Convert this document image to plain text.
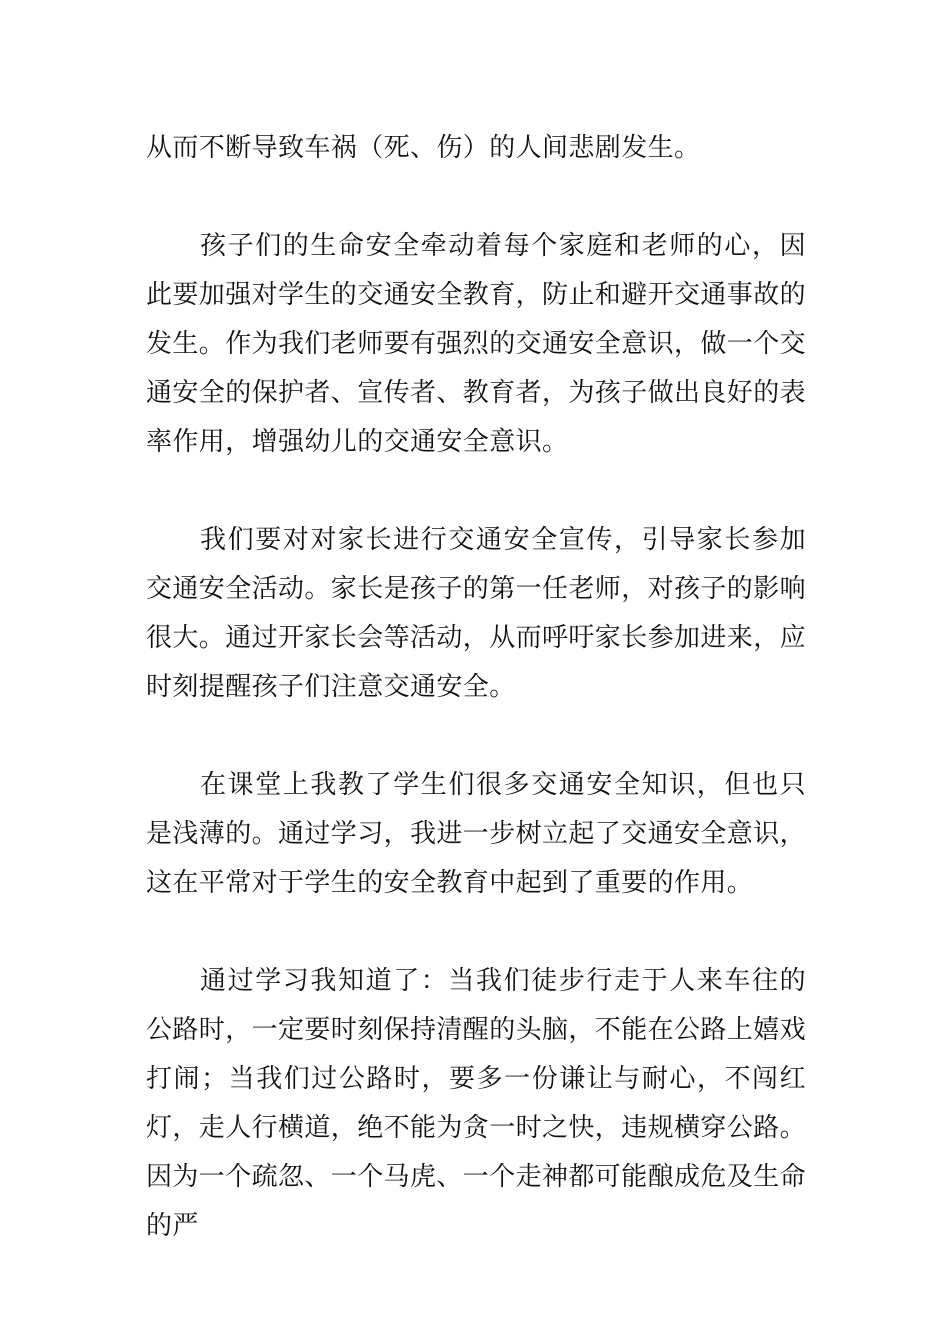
从而不断导致车祸（死、伤）的人间悲剧发生。

孩子们的生命安全牵动着每个家庭和老师的心，因此要加强对学生的交通安全教育，防止和避开交通事故的发生。作为我们老师要有强烈的交通安全意识，做一个交通安全的保护者、宣传者、教育者，为孩子做出良好的表率作用，增强幼儿的交通安全意识。

我们要对对家长进行交通安全宣传，引导家长参加交通安全活动。家长是孩子的第一任老师，对孩子的影响很大。通过开家长会等活动，从而呼吁家长参加进来，应时刻提醒孩子们注意交通安全。

在课堂上我教了学生们很多交通安全知识，但也只是浅薄的。通过学习，我进一步树立起了交通安全意识，这在平常对于学生的安全教育中起到了重要的作用。

通过学习我知道了：当我们徒步行走于人来车往的公路时，一定要时刻保持清醒的头脑，不能在公路上嬉戏打闹；当我们过公路时，要多一份谦让与耐心，不闯红灯，走人行横道，绝不能为贪一时之快，违规横穿公路。因为一个疏忽、一个马虎、一个走神都可能酿成危及生命的严
